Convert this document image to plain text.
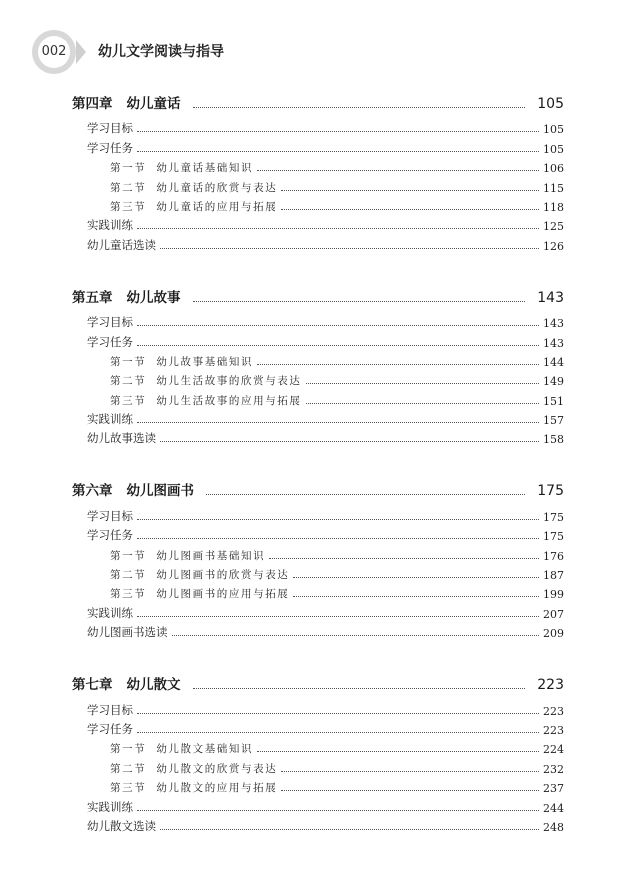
002	幼儿文学阅读与指导
第四章 幼儿童话	105
学习目标	105
学习任务	105
第一节 幼儿童话基础知识	106
第二节 幼儿童话的欣赏与表达	115
第三节 幼儿童话的应用与拓展	118
实践训练	125
幼儿童话选读	126
第五章 幼儿故事	143
学习目标	143
学习任务	143
第一节 幼儿故事基础知识	144
第二节 幼儿生活故事的欣赏与表达	149
第三节 幼儿生活故事的应用与拓展	151
实践训练	157
幼儿故事选读	158
第六章 幼儿图画书	175
学习目标	175
学习任务	175
第一节 幼儿图画书基础知识	176
第二节 幼儿图画书的欣赏与表达	187
第三节 幼儿图画书的应用与拓展	199
实践训练	207
幼儿图画书选读	209
第七章 幼儿散文	223
学习目标	223
学习任务	223
第一节 幼儿散文基础知识	224
第二节 幼儿散文的欣赏与表达	232
第三节 幼儿散文的应用与拓展	237
实践训练	244
幼儿散文选读	248
